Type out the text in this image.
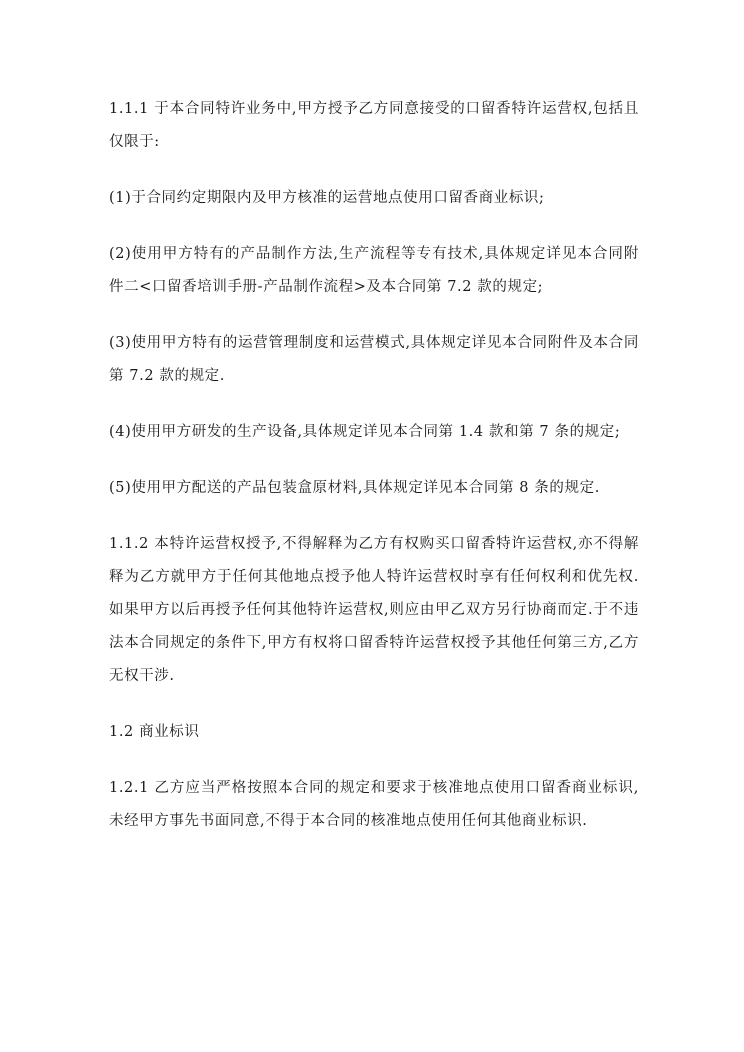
1.1.1 于本合同特许业务中,甲方授予乙方同意接受的口留香特许运营权,包括且仅限于:

(1)于合同约定期限内及甲方核准的运营地点使用口留香商业标识;

(2)使用甲方特有的产品制作方法,生产流程等专有技术,具体规定详见本合同附件二<口留香培训手册-产品制作流程>及本合同第 7.2 款的规定;

(3)使用甲方特有的运营管理制度和运营模式,具体规定详见本合同附件及本合同第 7.2 款的规定.

(4)使用甲方研发的生产设备,具体规定详见本合同第 1.4 款和第 7 条的规定;

(5)使用甲方配送的产品包装盒原材料,具体规定详见本合同第 8 条的规定.

1.1.2 本特许运营权授予,不得解释为乙方有权购买口留香特许运营权,亦不得解释为乙方就甲方于任何其他地点授予他人特许运营权时享有任何权利和优先权.如果甲方以后再授予任何其他特许运营权,则应由甲乙双方另行协商而定.于不违法本合同规定的条件下,甲方有权将口留香特许运营权授予其他任何第三方,乙方无权干涉.

1.2 商业标识

1.2.1 乙方应当严格按照本合同的规定和要求于核准地点使用口留香商业标识,未经甲方事先书面同意,不得于本合同的核准地点使用任何其他商业标识.
